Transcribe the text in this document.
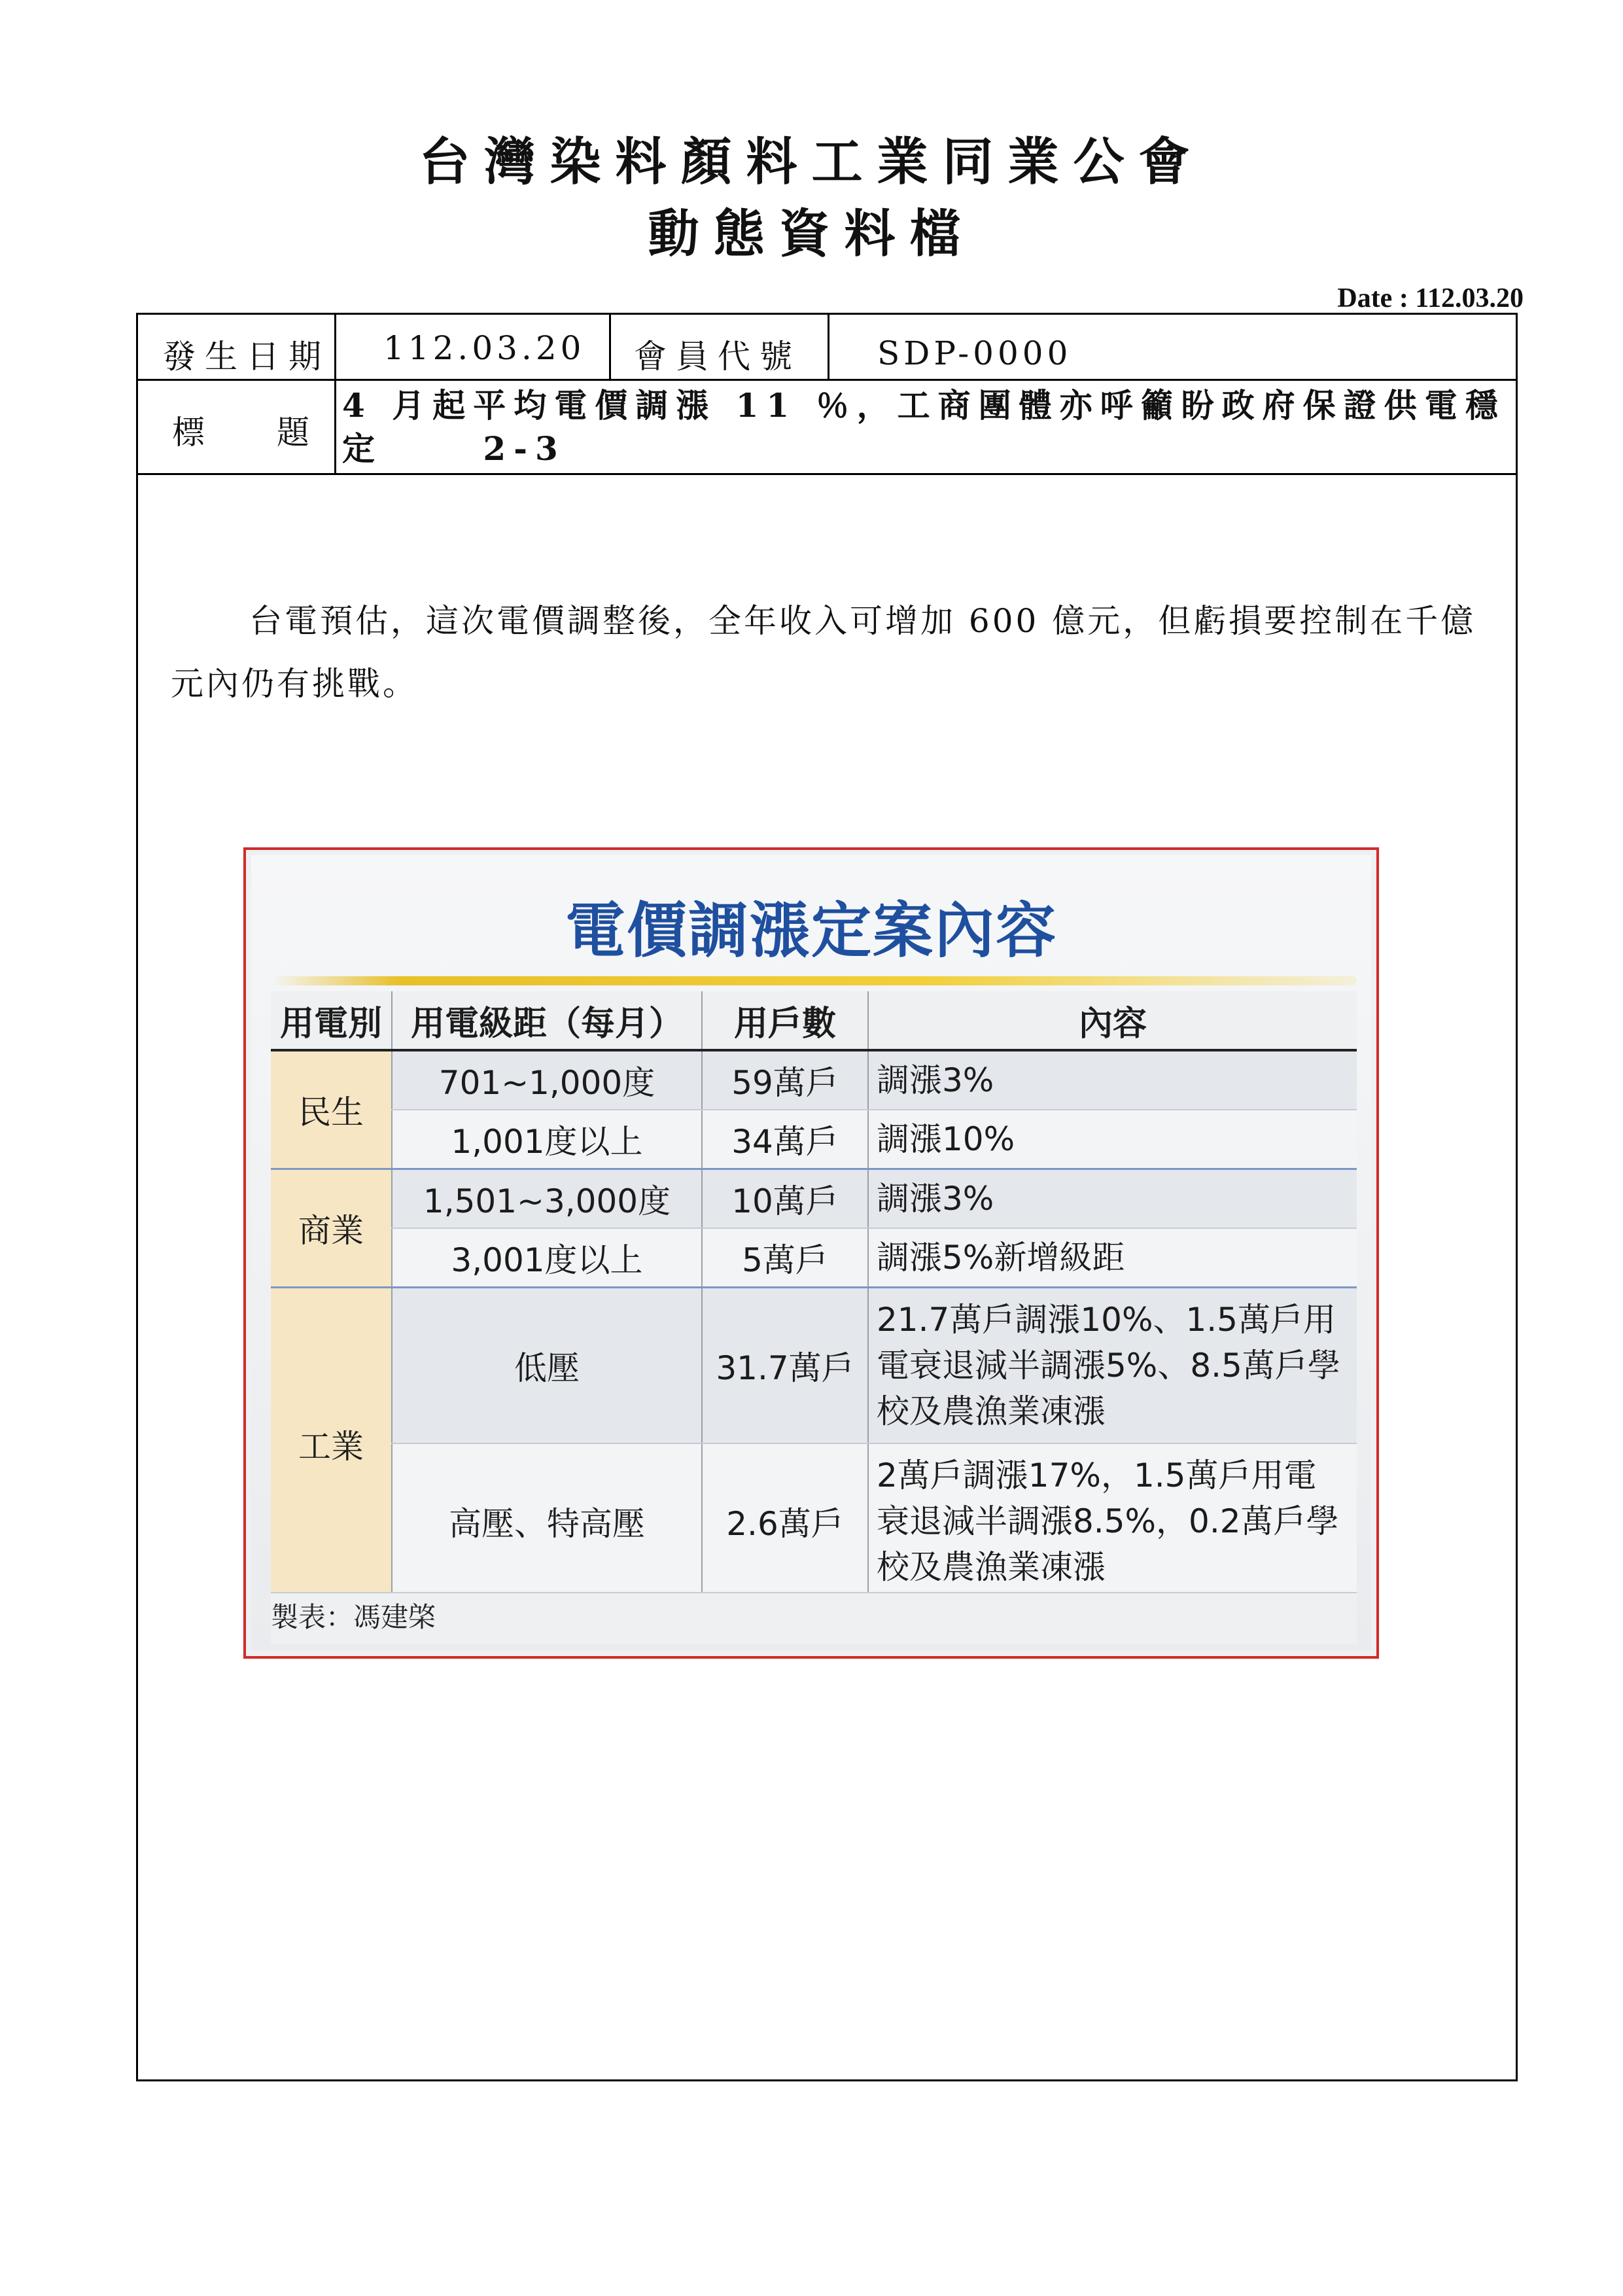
台灣染料顏料工業同業公會
動態資料檔
Date : 112.03.20
發生日期 112.03.20 會員代號 SDP-0000
標　題
4 月起平均電價調漲 11 ％，工商團體亦呼籲盼政府保證供電穩定　　 2-3
台電預估，這次電價調整後，全年收入可增加 600 億元，但虧損要控制在千億元內仍有挑戰。
電價調漲定案內容
用電別	用電級距（每月）	用戶數	內容
民生	701~1,000度	59萬戶	調漲3%
	1,001度以上	34萬戶	調漲10%
商業	1,501~3,000度	10萬戶	調漲3%
	3,001度以上	5萬戶	調漲5%新增級距
工業	低壓	31.7萬戶	21.7萬戶調漲10%、1.5萬戶用電衰退減半調漲5%、8.5萬戶學校及農漁業凍漲
	高壓、特高壓	2.6萬戶	2萬戶調漲17%，1.5萬戶用電衰退減半調漲8.5%，0.2萬戶學校及農漁業凍漲
製表：馮建棨
